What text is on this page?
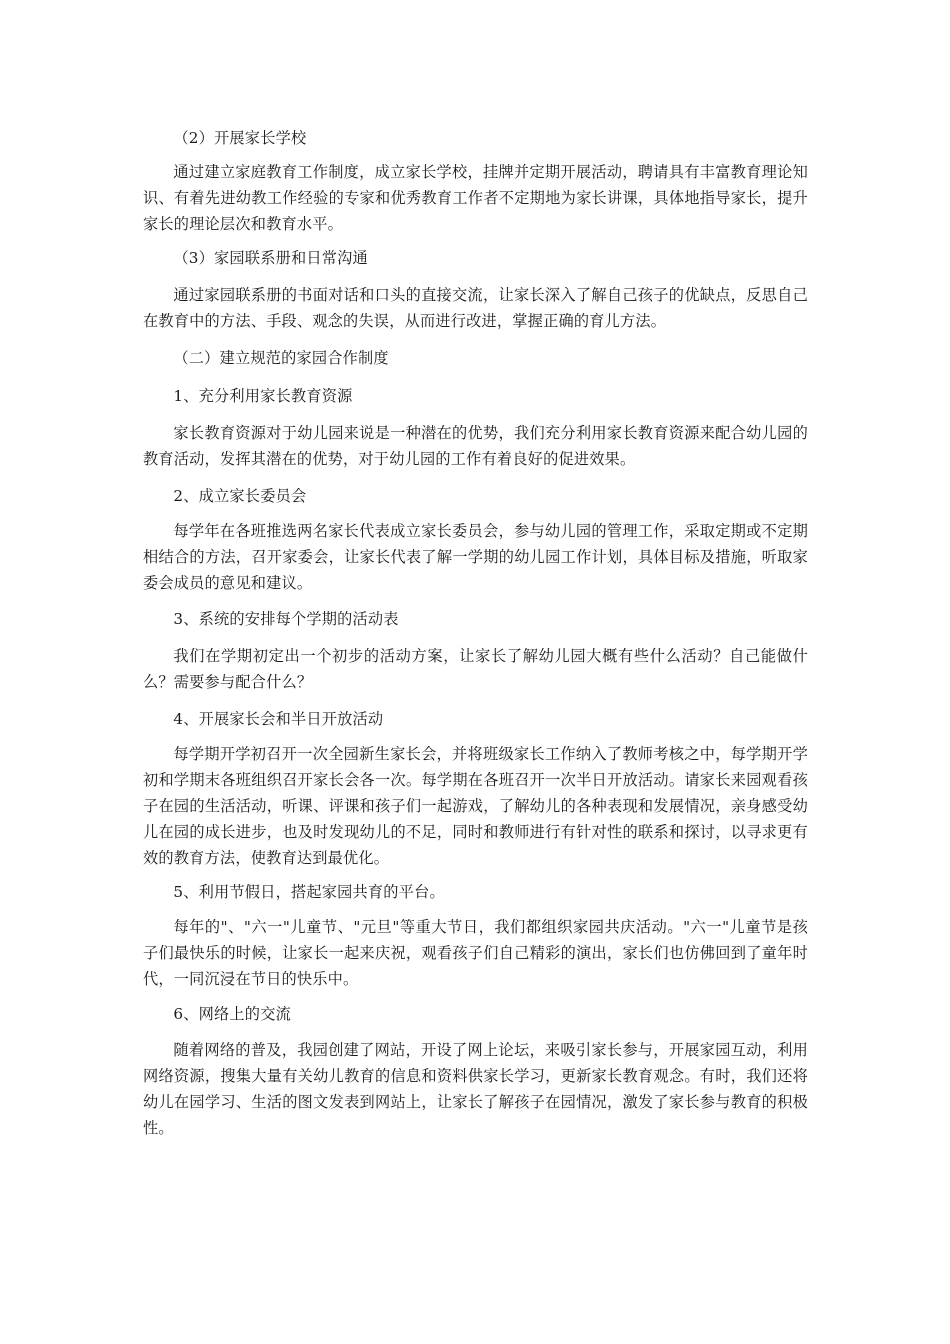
（2）开展家长学校

通过建立家庭教育工作制度，成立家长学校，挂牌并定期开展活动，聘请具有丰富教育理论知识、有着先进幼教工作经验的专家和优秀教育工作者不定期地为家长讲课，具体地指导家长，提升家长的理论层次和教育水平。

（3）家园联系册和日常沟通

通过家园联系册的书面对话和口头的直接交流，让家长深入了解自己孩子的优缺点，反思自己在教育中的方法、手段、观念的失误，从而进行改进，掌握正确的育儿方法。

（二）建立规范的家园合作制度

1、充分利用家长教育资源

家长教育资源对于幼儿园来说是一种潜在的优势，我们充分利用家长教育资源来配合幼儿园的教育活动，发挥其潜在的优势，对于幼儿园的工作有着良好的促进效果。

2、成立家长委员会

每学年在各班推选两名家长代表成立家长委员会，参与幼儿园的管理工作，采取定期或不定期相结合的方法，召开家委会，让家长代表了解一学期的幼儿园工作计划，具体目标及措施，听取家委会成员的意见和建议。

3、系统的安排每个学期的活动表

我们在学期初定出一个初步的活动方案，让家长了解幼儿园大概有些什么活动？自己能做什么？需要参与配合什么？

4、开展家长会和半日开放活动

每学期开学初召开一次全园新生家长会，并将班级家长工作纳入了教师考核之中，每学期开学初和学期末各班组织召开家长会各一次。每学期在各班召开一次半日开放活动。请家长来园观看孩子在园的生活活动，听课、评课和孩子们一起游戏，了解幼儿的各种表现和发展情况，亲身感受幼儿在园的成长进步，也及时发现幼儿的不足，同时和教师进行有针对性的联系和探讨，以寻求更有效的教育方法，使教育达到最优化。

5、利用节假日，搭起家园共育的平台。

每年的"、"六一"儿童节、"元旦"等重大节日，我们都组织家园共庆活动。"六一"儿童节是孩子们最快乐的时候，让家长一起来庆祝，观看孩子们自己精彩的演出，家长们也仿佛回到了童年时代，一同沉浸在节日的快乐中。

6、网络上的交流

随着网络的普及，我园创建了网站，开设了网上论坛，来吸引家长参与，开展家园互动，利用网络资源，搜集大量有关幼儿教育的信息和资料供家长学习，更新家长教育观念。有时，我们还将幼儿在园学习、生活的图文发表到网站上，让家长了解孩子在园情况，激发了家长参与教育的积极性。
